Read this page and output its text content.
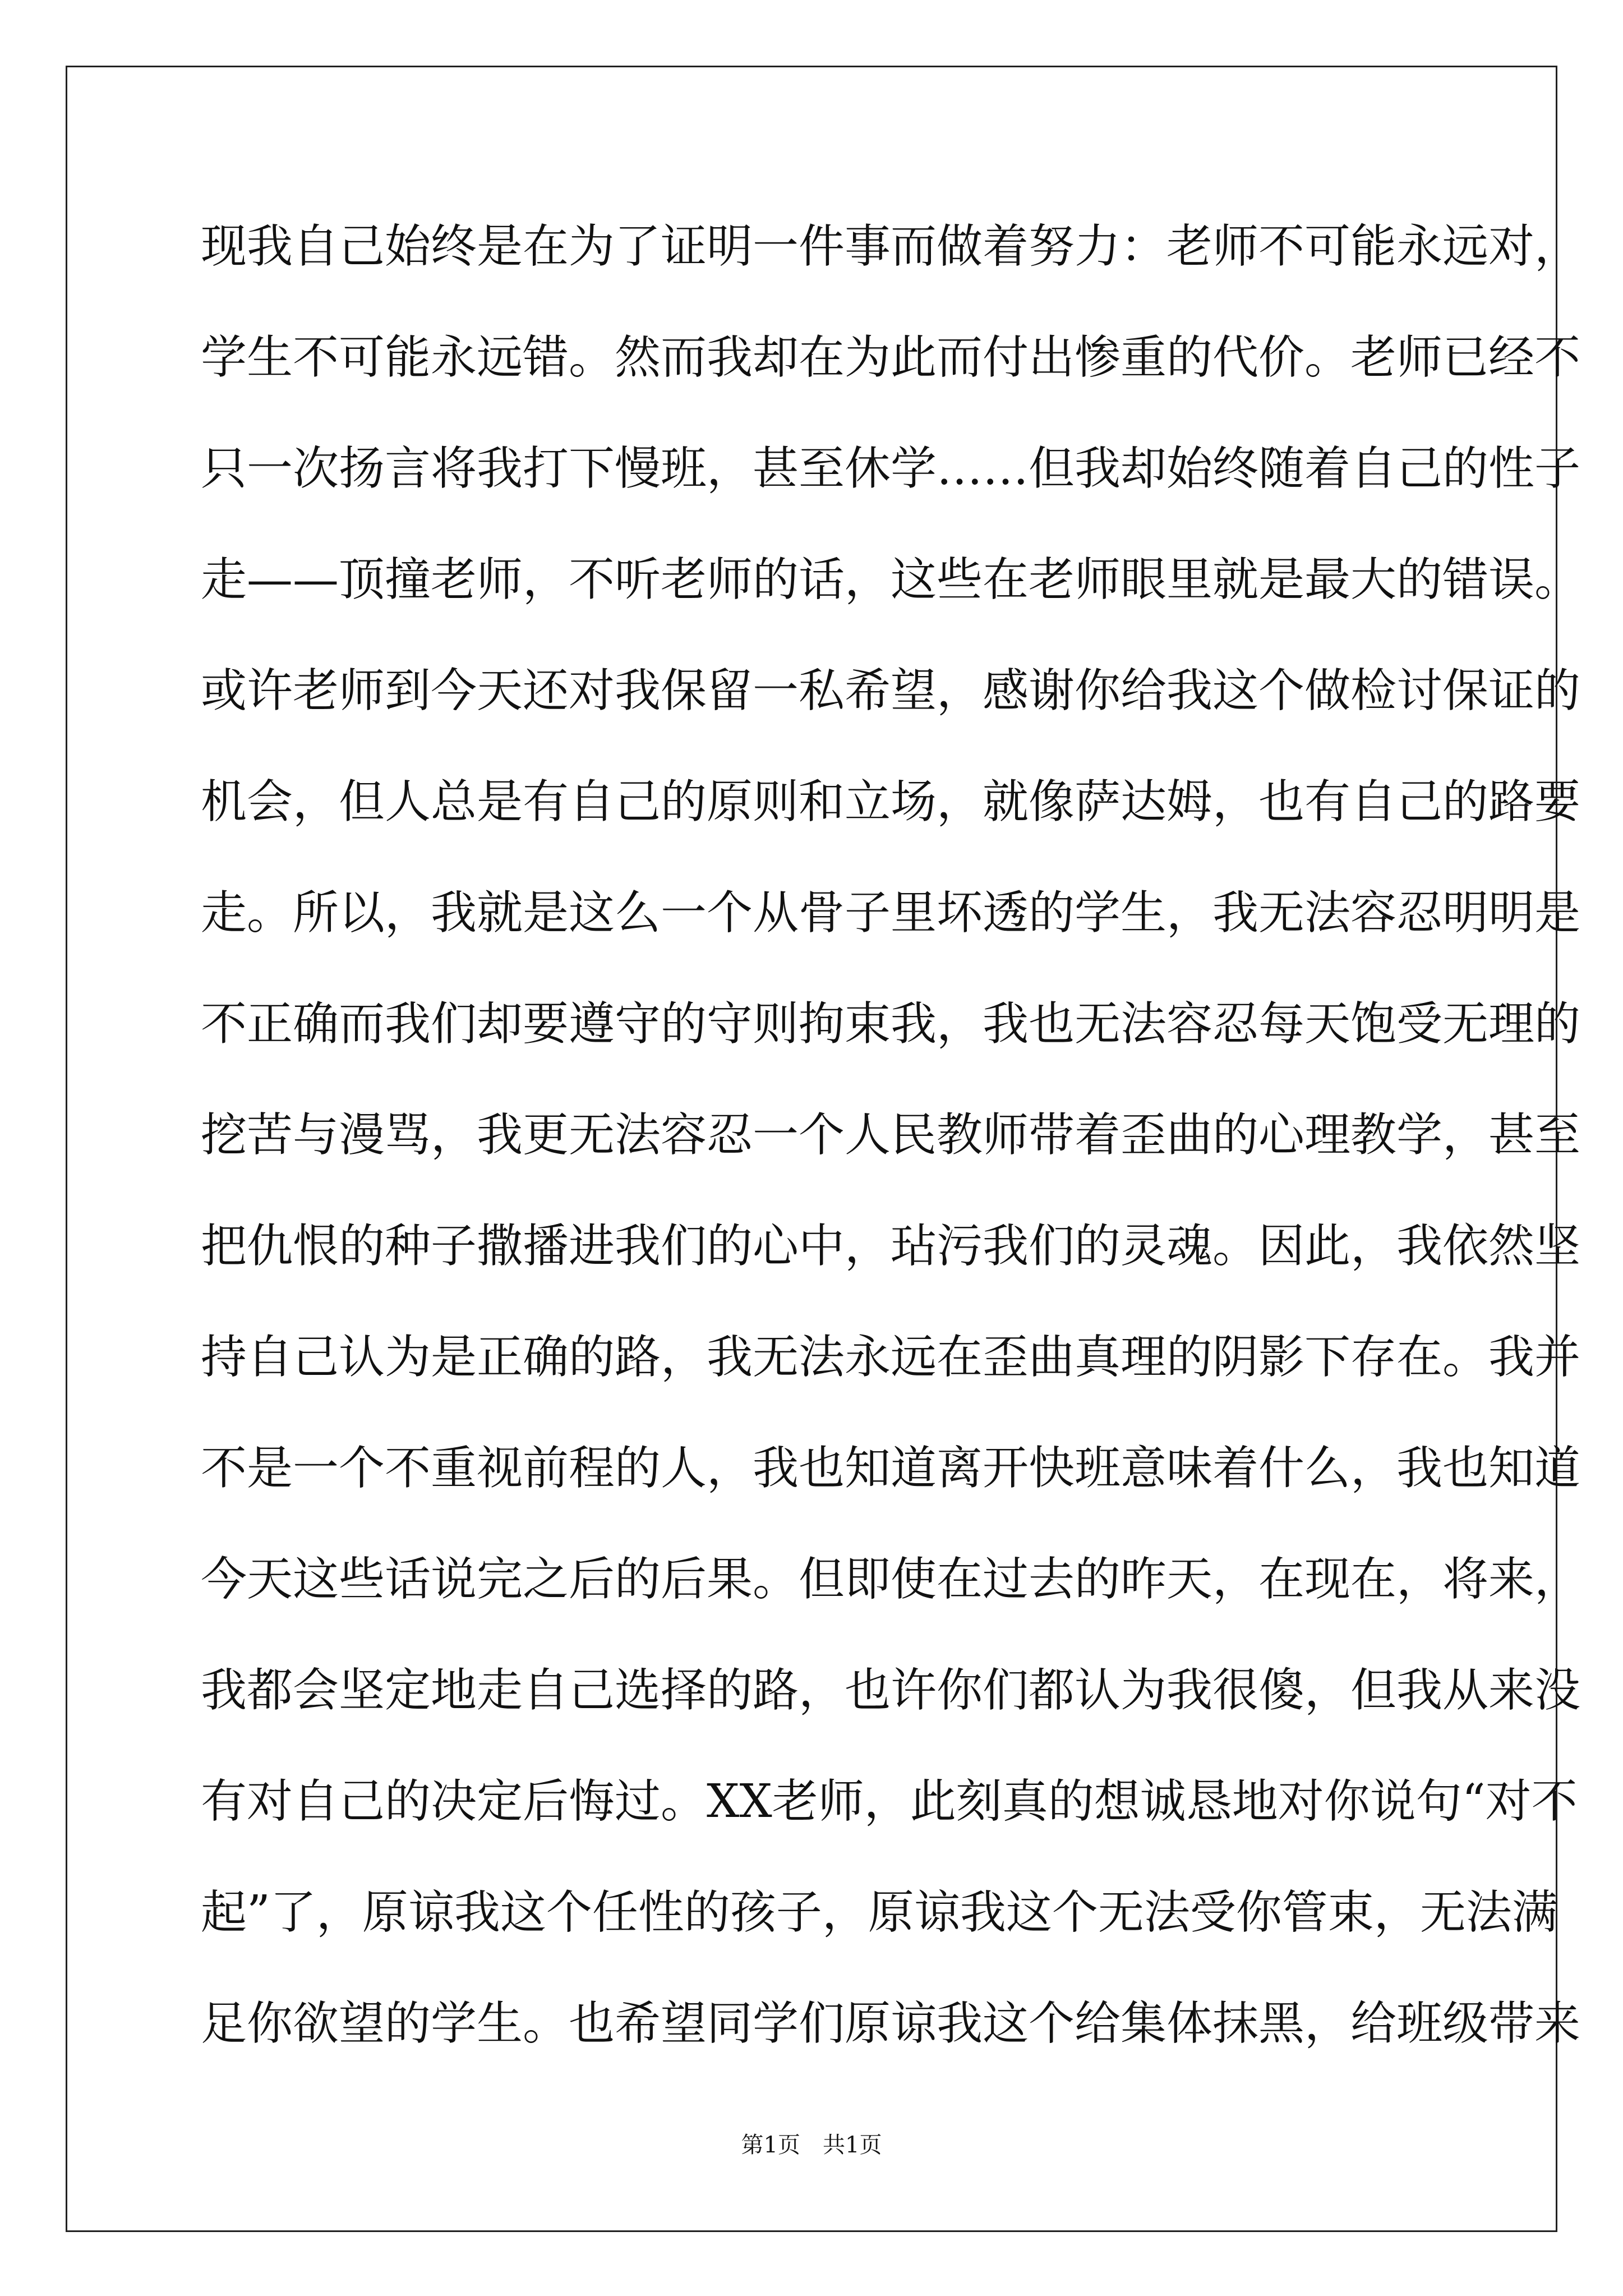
现我自己始终是在为了证明一件事而做着努力：老师不可能永远对，
学生不可能永远错。然而我却在为此而付出惨重的代价。老师已经不
只一次扬言将我打下慢班，甚至休学……但我却始终随着自己的性子
走——顶撞老师，不听老师的话，这些在老师眼里就是最大的错误。
或许老师到今天还对我保留一私希望，感谢你给我这个做检讨保证的
机会，但人总是有自己的原则和立场，就像萨达姆，也有自己的路要
走。所以，我就是这么一个从骨子里坏透的学生，我无法容忍明明是
不正确而我们却要遵守的守则拘束我，我也无法容忍每天饱受无理的
挖苦与漫骂，我更无法容忍一个人民教师带着歪曲的心理教学，甚至
把仇恨的种子撒播进我们的心中，玷污我们的灵魂。因此，我依然坚
持自己认为是正确的路，我无法永远在歪曲真理的阴影下存在。我并
不是一个不重视前程的人，我也知道离开快班意味着什么，我也知道
今天这些话说完之后的后果。但即使在过去的昨天，在现在，将来，
我都会坚定地走自己选择的路，也许你们都认为我很傻，但我从来没
有对自己的决定后悔过。XX老师，此刻真的想诚恳地对你说句“对不
起”了，原谅我这个任性的孩子，原谅我这个无法受你管束，无法满
足你欲望的学生。也希望同学们原谅我这个给集体抹黑，给班级带来
第1页 共1页
